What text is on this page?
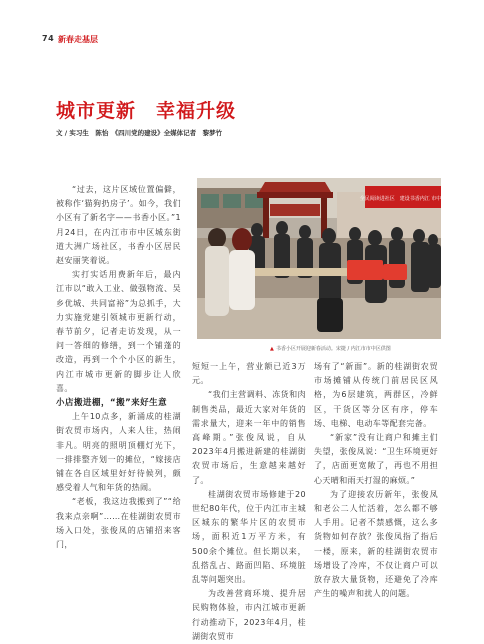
74 新春走基层
城市更新　幸福升级
文 / 实习生　陈怡　《四川党的建设》全媒体记者　黎梦竹

“过去，这片区域位置偏僻，被称作‘猫狗扔房子’。如今，我们小区有了新名字——书香小区。”1月24日，在内江市市中区城东街道大洲广场社区，书香小区居民赵安丽笑着说。

实打实话用费新年后，最内江市以“敢入工业、做强物流、吴乡优城、共同富裕”为总抓手，大力实施党建引领城市更新行动，春节前夕，记者走访发现，从一问一答细的修缮，到一个铺蓬的改造，再到一个个小区的新生，内江市城市更新的脚步让人欣喜。

小店搬进棚，“搬”来好生意

上午10点多，新涌成的桂湖街农贸市场内，人来人往，热闹非凡。明亮的照明顶棚灯光下，一排排整齐划一的摊位，“嫁接店铺在各自区域里好好待候列，颇感受着人气和年货的热闹。

“老板，我这边我搬到了”“给我来点亲啊”……在桂湖街农贸市场入口处，张俊凤的店铺招来客门，

全民阅读进社区　建设书香内江 市中区
▲ 书香小区开展迎新春活动。宋捷 / 内江市市中区供图

短短一上午，营业额已近3万元。

“我们主营调料、冻货和肉制售类品，最近大家对年货的需求量大，迎来一年中的销售高峰期。”张俊凤说，自从2023年4月搬进新建的桂湖街农贸市场后，生意越来越好了。

桂湖街农贸市场修建于20世纪80年代，位于内江市主城区城东的繁华片区的农贸市场，面积近1万平方米，有500余个摊位。但长期以来，乱搭乱占、路面凹陷、环境脏乱等问题突出。

为改善营商环境、提升居民购物体验，市内江城市更新行动推动下，2023年4月，桂湖街农贸市

场有了“新面”。新的桂湖街农贸市场摊铺从传统门前居民区风格，为6层建筑，两群区，冷鲜区，干货区等分区有序，停车场、电梯、电动车等配套完备。

“新家”没有让商户和摊主们失望，张俊凤说：“卫生环境更好了，店面更宽敞了，再也不用担心天晴和雨天打湿的麻烦。”

为了迎接农历新年，张俊凤和老公二人忙活着，怎么都不够人手用。记者不禁感慨，这么多货物如何存放？张俊凤指了指后一楼，原来，新的桂湖街农贸市场增设了冷库，不仅让商户可以放存放大量货物，还避免了冷库产生的噪声和扰人的问题。
